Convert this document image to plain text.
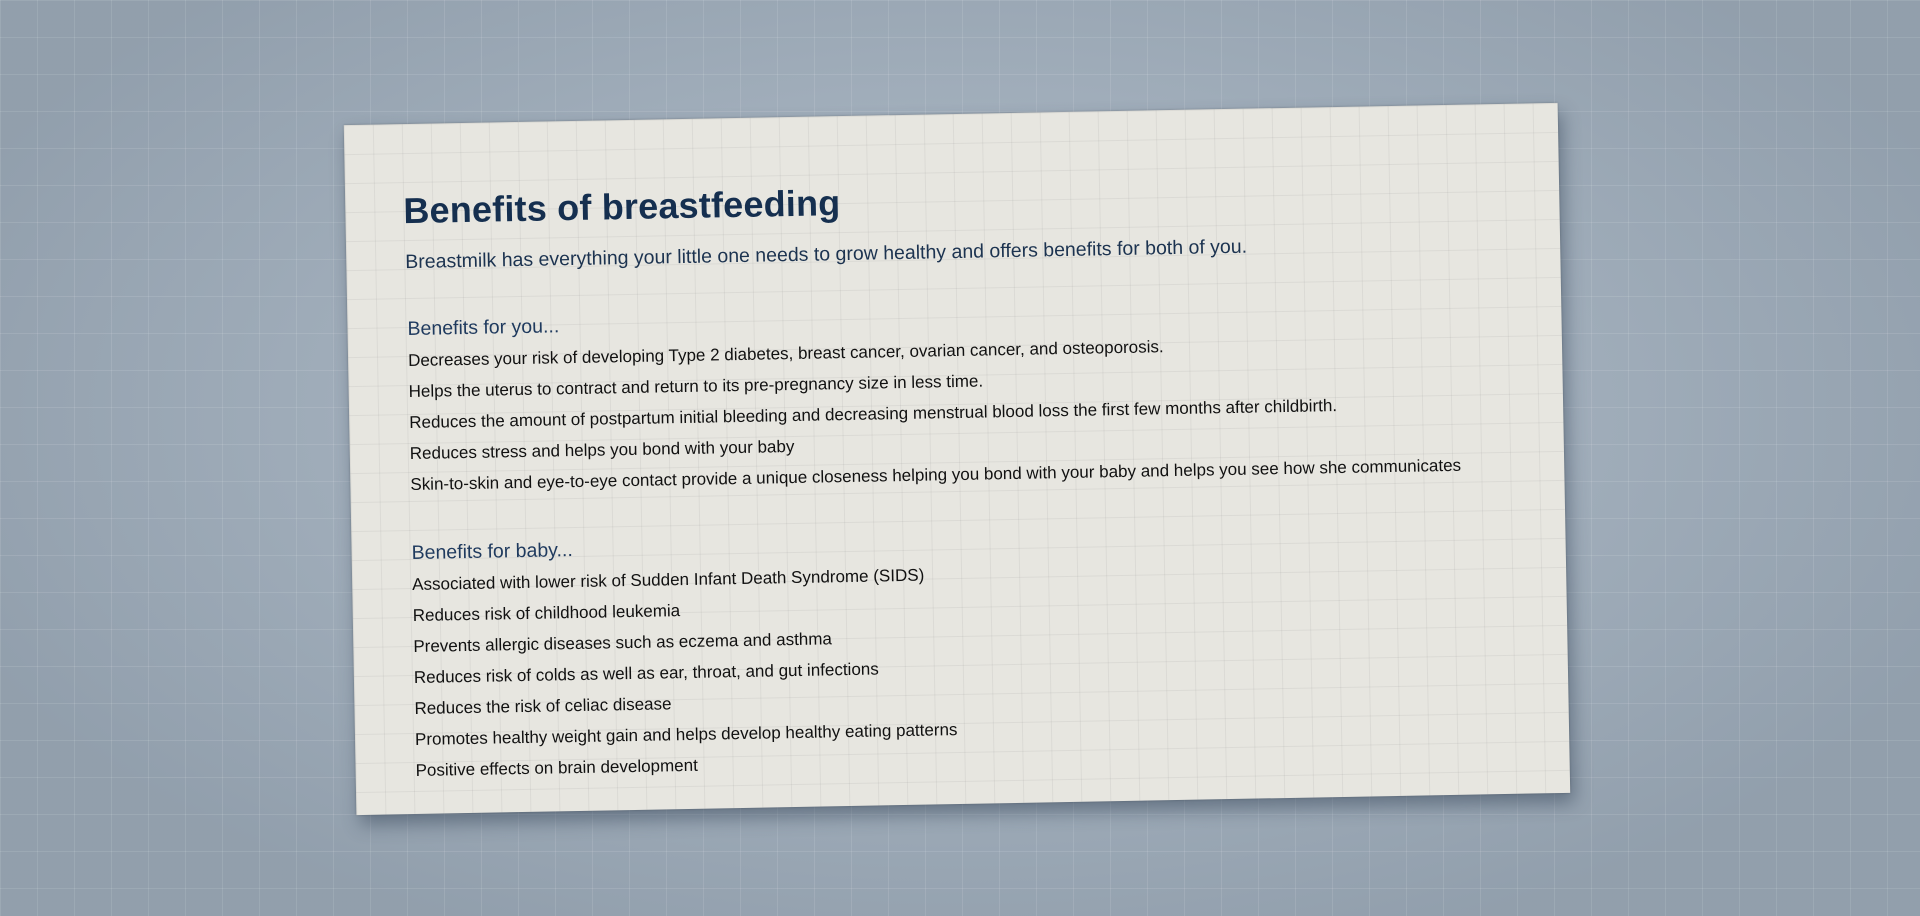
Benefits of breastfeeding

Breastmilk has everything your little one needs to grow healthy and offers benefits for both of you.

Benefits for you...
Decreases your risk of developing Type 2 diabetes, breast cancer, ovarian cancer, and osteoporosis.
Helps the uterus to contract and return to its pre-pregnancy size in less time.
Reduces the amount of postpartum initial bleeding and decreasing menstrual blood loss the first few months after childbirth.
Reduces stress and helps you bond with your baby
Skin-to-skin and eye-to-eye contact provide a unique closeness helping you bond with your baby and helps you see how she communicates
Benefits for baby...
Associated with lower risk of Sudden Infant Death Syndrome (SIDS)
Reduces risk of childhood leukemia
Prevents allergic diseases such as eczema and asthma
Reduces risk of colds as well as ear, throat, and gut infections
Reduces the risk of celiac disease
Promotes healthy weight gain and helps develop healthy eating patterns
Positive effects on brain development
